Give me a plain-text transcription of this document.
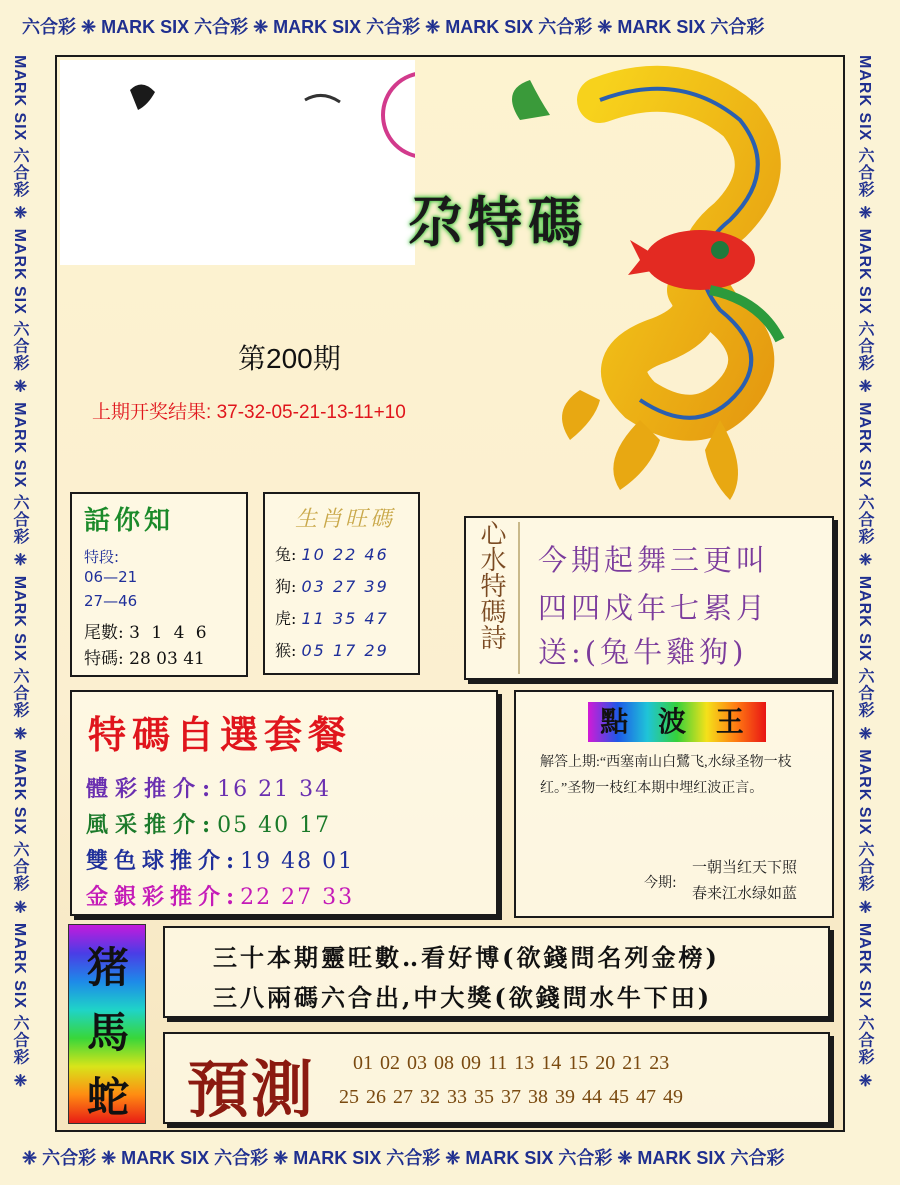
六合彩 ❈ MARK SIX 六合彩 ❈ MARK SIX 六合彩 ❈ MARK SIX 六合彩 ❈ MARK SIX 六合彩
❈ 六合彩 ❈ MARK SIX 六合彩 ❈ MARK SIX 六合彩 ❈ MARK SIX 六合彩 ❈ MARK SIX 六合彩
MARK SIX 六合彩 ❈ MARK SIX 六合彩 ❈ MARK SIX 六合彩 ❈ MARK SIX 六合彩 ❈ MARK SIX 六合彩 ❈ MARK SIX 六合彩 ❈	MARK SIX 六合彩 ❈ MARK SIX 六合彩 ❈ MARK SIX 六合彩 ❈ MARK SIX 六合彩 ❈ MARK SIX 六合彩 ❈ MARK SIX 六合彩 ❈
尕特碼
第200期
上期开奖结果: 37-32-05-21-13-11+10
話你知
特段:
06—21
27—46
尾數: 3 1 4 6
特碼: 28 03 41
生肖旺碼
兔: 10 22 46
狗: 03 27 39
虎: 11 35 47
猴: 05 17 29
心水特碼詩 今期起舞三更叫
四四戍年七累月
送:(兔牛雞狗)
特碼自選套餐
體彩推介:16 21 34
風采推介:05 40 17
雙色球推介:19 48 01
金銀彩推介:22 27 33
點 波 王
解答上期:“西塞南山白鷺飞,水绿圣物一枝红。”圣物一枝红本期中埋红波正言。
今期:
一朝当红天下照
春来江水绿如蓝
猪
馬
蛇
三十本期靈旺數‥看好博(欲錢問名列金榜)
三八兩碼六合出,中大獎(欲錢問水牛下田)
預測 01 02 03 08 09 11 13 14 15 20 21 23
25 26 27 32 33 35 37 38 39 44 45 47 49
